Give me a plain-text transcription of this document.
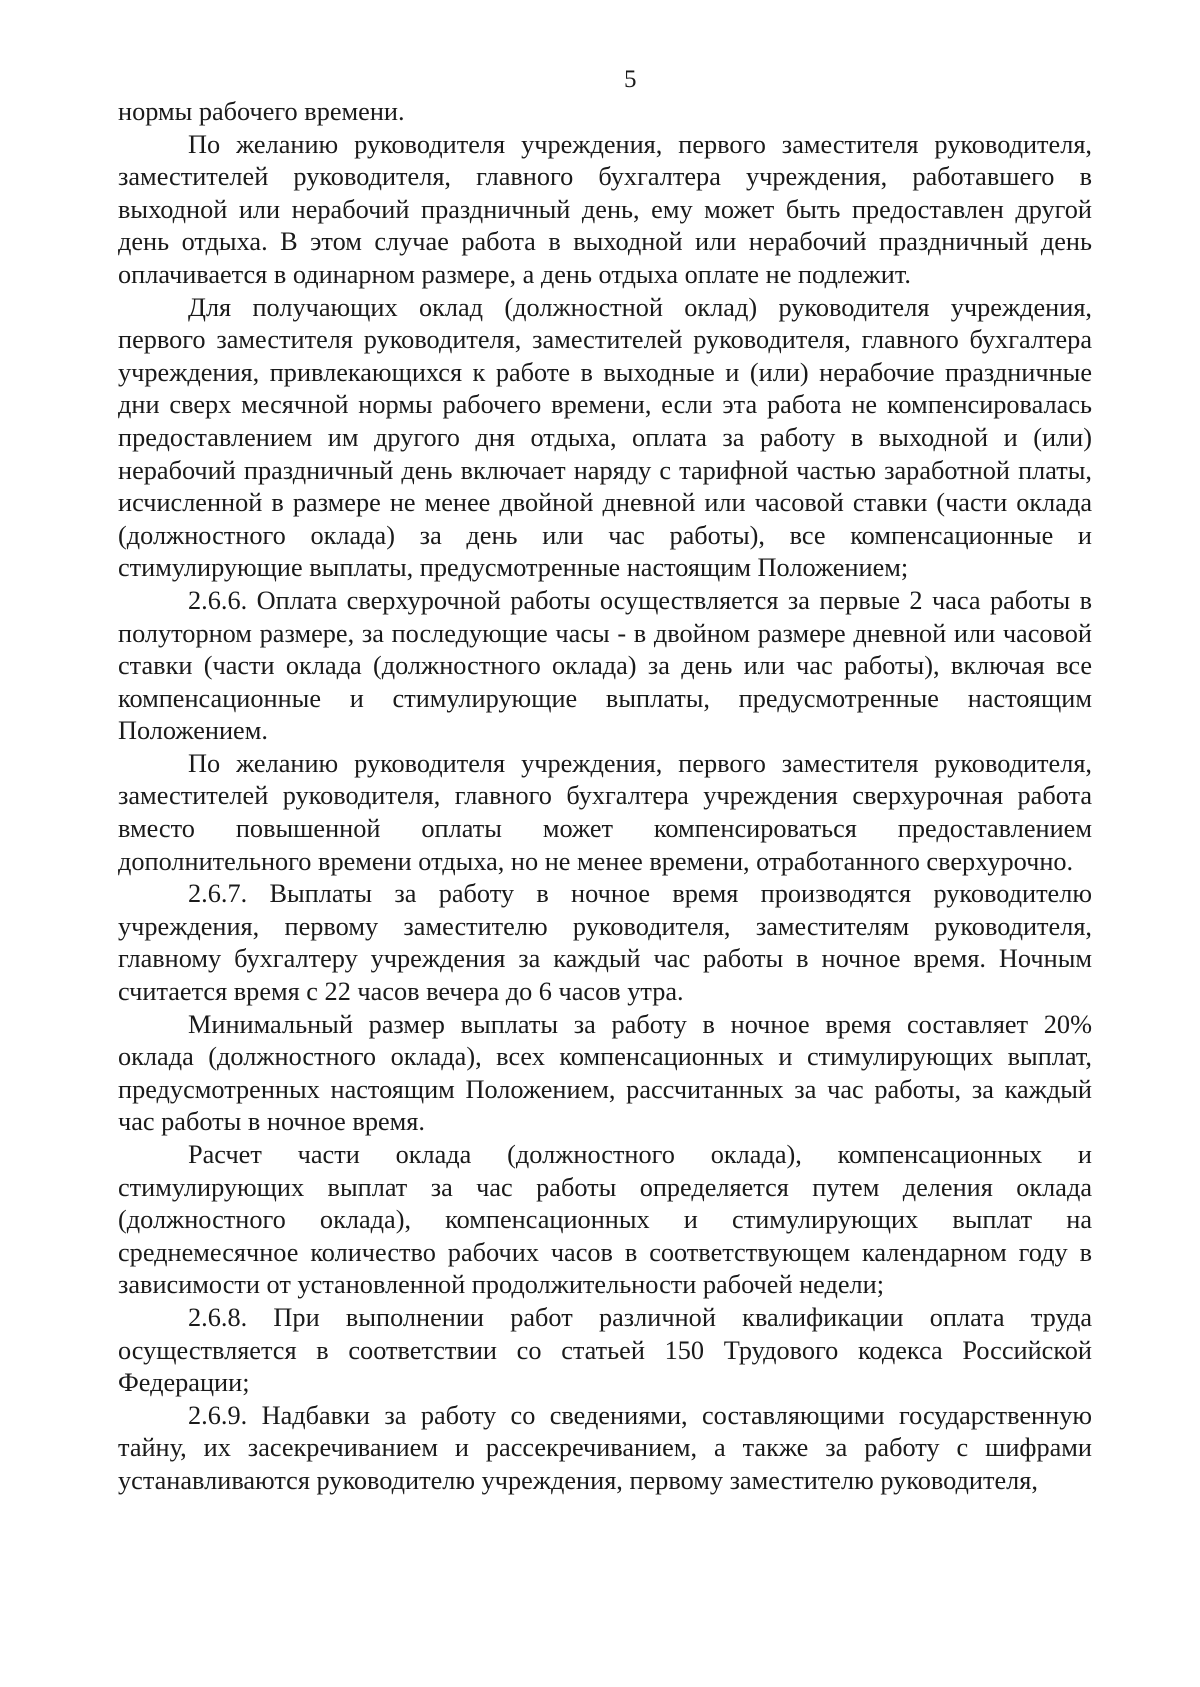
5

нормы рабочего времени.

По желанию руководителя учреждения, первого заместителя руководителя, заместителей руководителя, главного бухгалтера учреждения, работавшего в выходной или нерабочий праздничный день, ему может быть предоставлен другой день отдыха. В этом случае работа в выходной или нерабочий праздничный день оплачивается в одинарном размере, а день отдыха оплате не подлежит.

Для получающих оклад (должностной оклад) руководителя учреждения, первого заместителя руководителя, заместителей руководителя, главного бухгалтера учреждения, привлекающихся к работе в выходные и (или) нерабочие праздничные дни сверх месячной нормы рабочего времени, если эта работа не компенсировалась предоставлением им другого дня отдыха, оплата за работу в выходной и (или) нерабочий праздничный день включает наряду с тарифной частью заработной платы, исчисленной в размере не менее двойной дневной или часовой ставки (части оклада (должностного оклада) за день или час работы), все компенсационные и стимулирующие выплаты, предусмотренные настоящим Положением;

2.6.6. Оплата сверхурочной работы осуществляется за первые 2 часа работы в полуторном размере, за последующие часы - в двойном размере дневной или часовой ставки (части оклада (должностного оклада) за день или час работы), включая все компенсационные и стимулирующие выплаты, предусмотренные настоящим Положением.

По желанию руководителя учреждения, первого заместителя руководителя, заместителей руководителя, главного бухгалтера учреждения сверхурочная работа вместо повышенной оплаты может компенсироваться предоставлением дополнительного времени отдыха, но не менее времени, отработанного сверхурочно.

2.6.7. Выплаты за работу в ночное время производятся руководителю учреждения, первому заместителю руководителя, заместителям руководителя, главному бухгалтеру учреждения за каждый час работы в ночное время. Ночным считается время с 22 часов вечера до 6 часов утра.

Минимальный размер выплаты за работу в ночное время составляет 20% оклада (должностного оклада), всех компенсационных и стимулирующих выплат, предусмотренных настоящим Положением, рассчитанных за час работы, за каждый час работы в ночное время.

Расчет части оклада (должностного оклада), компенсационных и стимулирующих выплат за час работы определяется путем деления оклада (должностного оклада), компенсационных и стимулирующих выплат на среднемесячное количество рабочих часов в соответствующем календарном году в зависимости от установленной продолжительности рабочей недели;

2.6.8. При выполнении работ различной квалификации оплата труда осуществляется в соответствии со статьей 150 Трудового кодекса Российской Федерации;

2.6.9. Надбавки за работу со сведениями, составляющими государственную тайну, их засекречиванием и рассекречиванием, а также за работу с шифрами устанавливаются руководителю учреждения, первому заместителю руководителя,
